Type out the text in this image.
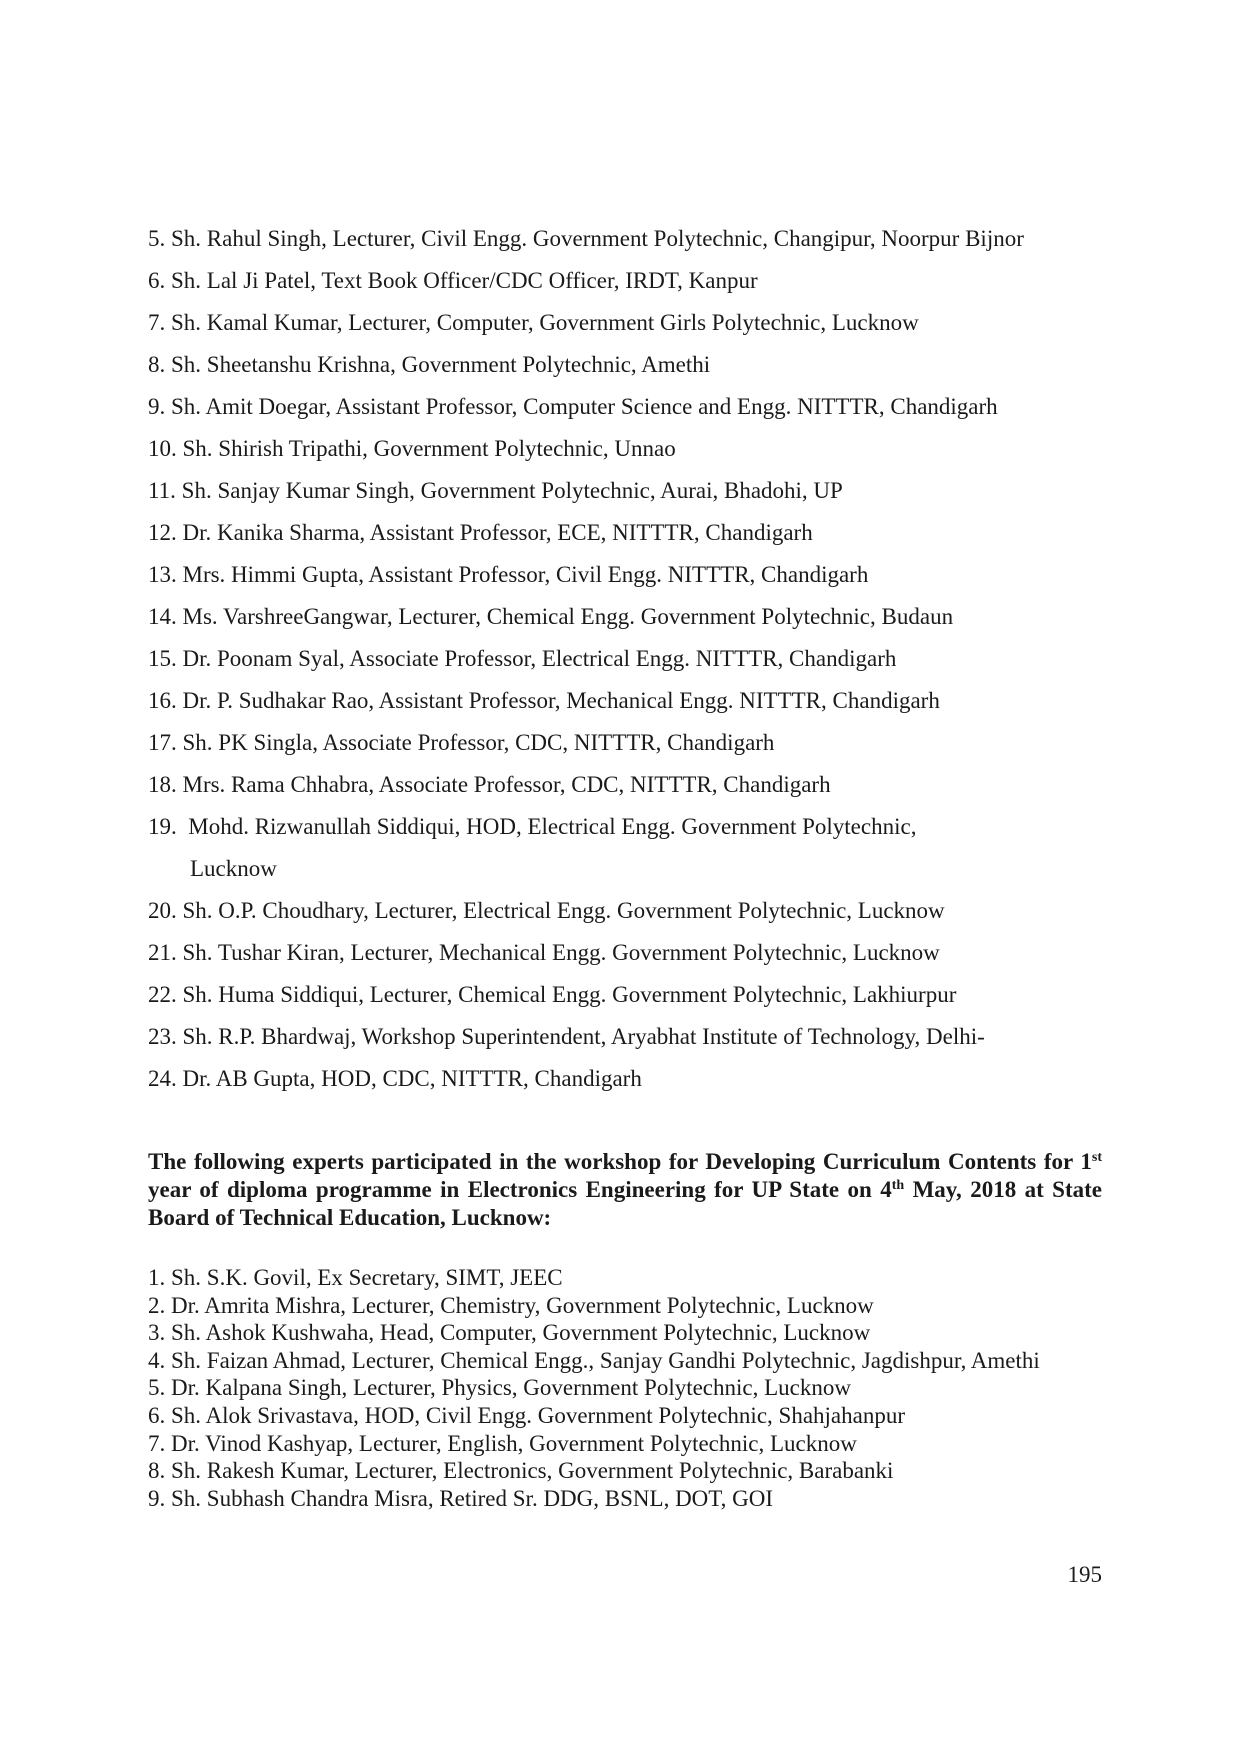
5. Sh. Rahul Singh, Lecturer, Civil Engg. Government Polytechnic, Changipur, Noorpur Bijnor
6. Sh. Lal Ji Patel, Text Book Officer/CDC Officer, IRDT, Kanpur
7. Sh. Kamal Kumar, Lecturer, Computer, Government Girls Polytechnic, Lucknow
8. Sh. Sheetanshu Krishna, Government Polytechnic, Amethi
9. Sh. Amit Doegar, Assistant Professor, Computer Science and Engg. NITTTR, Chandigarh
10. Sh. Shirish Tripathi, Government Polytechnic, Unnao
11. Sh. Sanjay Kumar Singh, Government Polytechnic, Aurai, Bhadohi, UP
12. Dr. Kanika Sharma, Assistant Professor, ECE, NITTTR, Chandigarh
13. Mrs. Himmi Gupta, Assistant Professor, Civil Engg. NITTTR, Chandigarh
14. Ms. VarshreeGangwar, Lecturer, Chemical Engg. Government Polytechnic, Budaun
15. Dr. Poonam Syal, Associate Professor, Electrical Engg. NITTTR, Chandigarh
16. Dr. P. Sudhakar Rao, Assistant Professor, Mechanical Engg. NITTTR, Chandigarh
17. Sh. PK Singla, Associate Professor, CDC, NITTTR, Chandigarh
18. Mrs. Rama Chhabra, Associate Professor, CDC, NITTTR, Chandigarh
19. Mohd. Rizwanullah Siddiqui, HOD, Electrical Engg. Government Polytechnic,
Lucknow
20. Sh. O.P. Choudhary, Lecturer, Electrical Engg. Government Polytechnic, Lucknow
21. Sh. Tushar Kiran, Lecturer, Mechanical Engg. Government Polytechnic, Lucknow
22. Sh. Huma Siddiqui, Lecturer, Chemical Engg. Government Polytechnic, Lakhiurpur
23. Sh. R.P. Bhardwaj, Workshop Superintendent, Aryabhat Institute of Technology, Delhi-
24. Dr. AB Gupta, HOD, CDC, NITTTR, Chandigarh

The following experts participated in the workshop for Developing Curriculum Contents for 1st year of diploma programme in Electronics Engineering for UP State on 4th May, 2018 at State Board of Technical Education, Lucknow:

1. Sh. S.K. Govil, Ex Secretary, SIMT, JEEC
2. Dr. Amrita Mishra, Lecturer, Chemistry, Government Polytechnic, Lucknow
3. Sh. Ashok Kushwaha, Head, Computer, Government Polytechnic, Lucknow
4. Sh. Faizan Ahmad, Lecturer, Chemical Engg., Sanjay Gandhi Polytechnic, Jagdishpur, Amethi
5. Dr. Kalpana Singh, Lecturer, Physics, Government Polytechnic, Lucknow
6. Sh. Alok Srivastava, HOD, Civil Engg. Government Polytechnic, Shahjahanpur
7. Dr. Vinod Kashyap, Lecturer, English, Government Polytechnic, Lucknow
8. Sh. Rakesh Kumar, Lecturer, Electronics, Government Polytechnic, Barabanki
9. Sh. Subhash Chandra Misra, Retired Sr. DDG, BSNL, DOT, GOI
195
